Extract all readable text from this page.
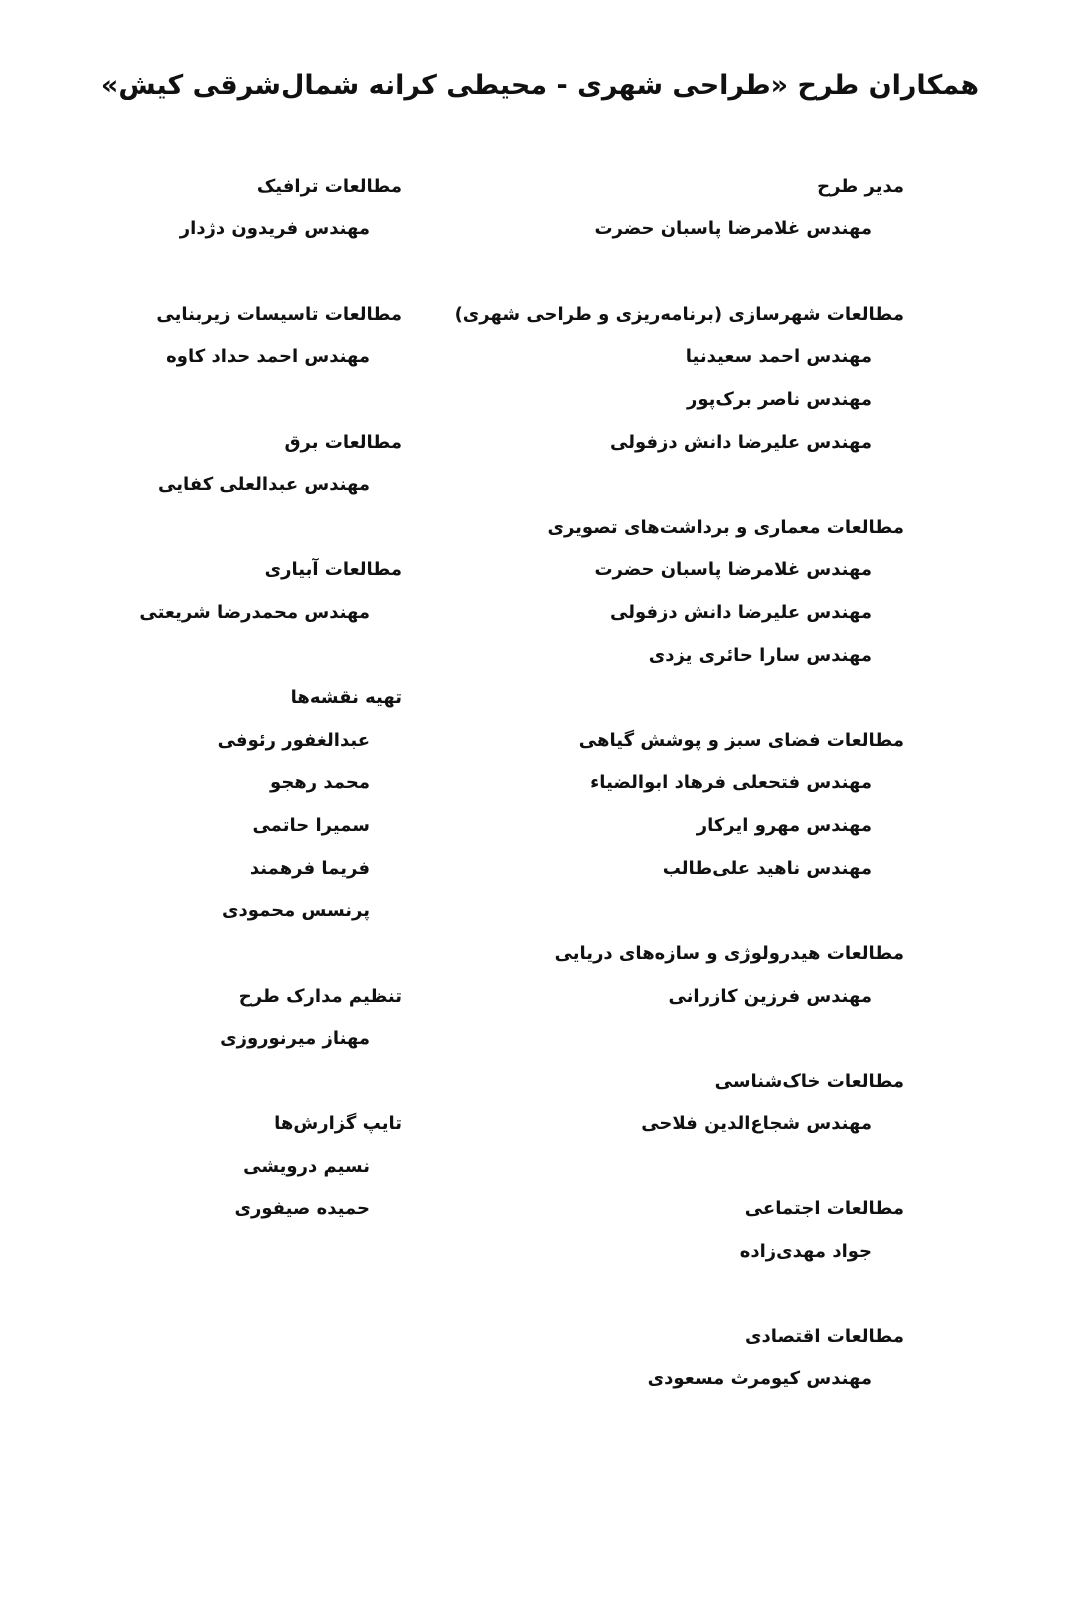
همکاران طرح «طراحی شهری - محیطی کرانه شمال‌شرقی کیش»
مدیر طرح
مهندس غلامرضا پاسبان حضرت
مطالعات شهرسازی (برنامه‌ریزی و طراحی شهری)
مهندس احمد سعیدنیا
مهندس ناصر برک‌پور
مهندس علیرضا دانش دزفولی
مطالعات معماری و برداشت‌های تصویری
مهندس غلامرضا پاسبان حضرت
مهندس علیرضا دانش دزفولی
مهندس سارا حائری یزدی
مطالعات فضای سبز و پوشش گیاهی
مهندس فتحعلی فرهاد ابوالضیاء
مهندس مهرو ایرکار
مهندس ناهید علی‌طالب
مطالعات هیدرولوژی و سازه‌های دریایی
مهندس فرزین کازرانی
مطالعات خاک‌شناسی
مهندس شجاع‌الدین فلاحی
مطالعات اجتماعی
جواد مهدی‌زاده
مطالعات اقتصادی
مهندس کیومرث مسعودی
مطالعات ترافیک
مهندس فریدون دژدار
مطالعات تاسیسات زیربنایی
مهندس احمد حداد کاوه
مطالعات برق
مهندس عبدالعلی کفایی
مطالعات آبیاری
مهندس محمدرضا شریعتی
تهیه نقشه‌ها
عبدالغفور رئوفی
محمد رهجو
سمیرا حاتمی
فریما فرهمند
پرنسس محمودی
تنظیم مدارک طرح
مهناز میرنوروزی
تایپ گزارش‌ها
نسیم درویشی
حمیده صیفوری
